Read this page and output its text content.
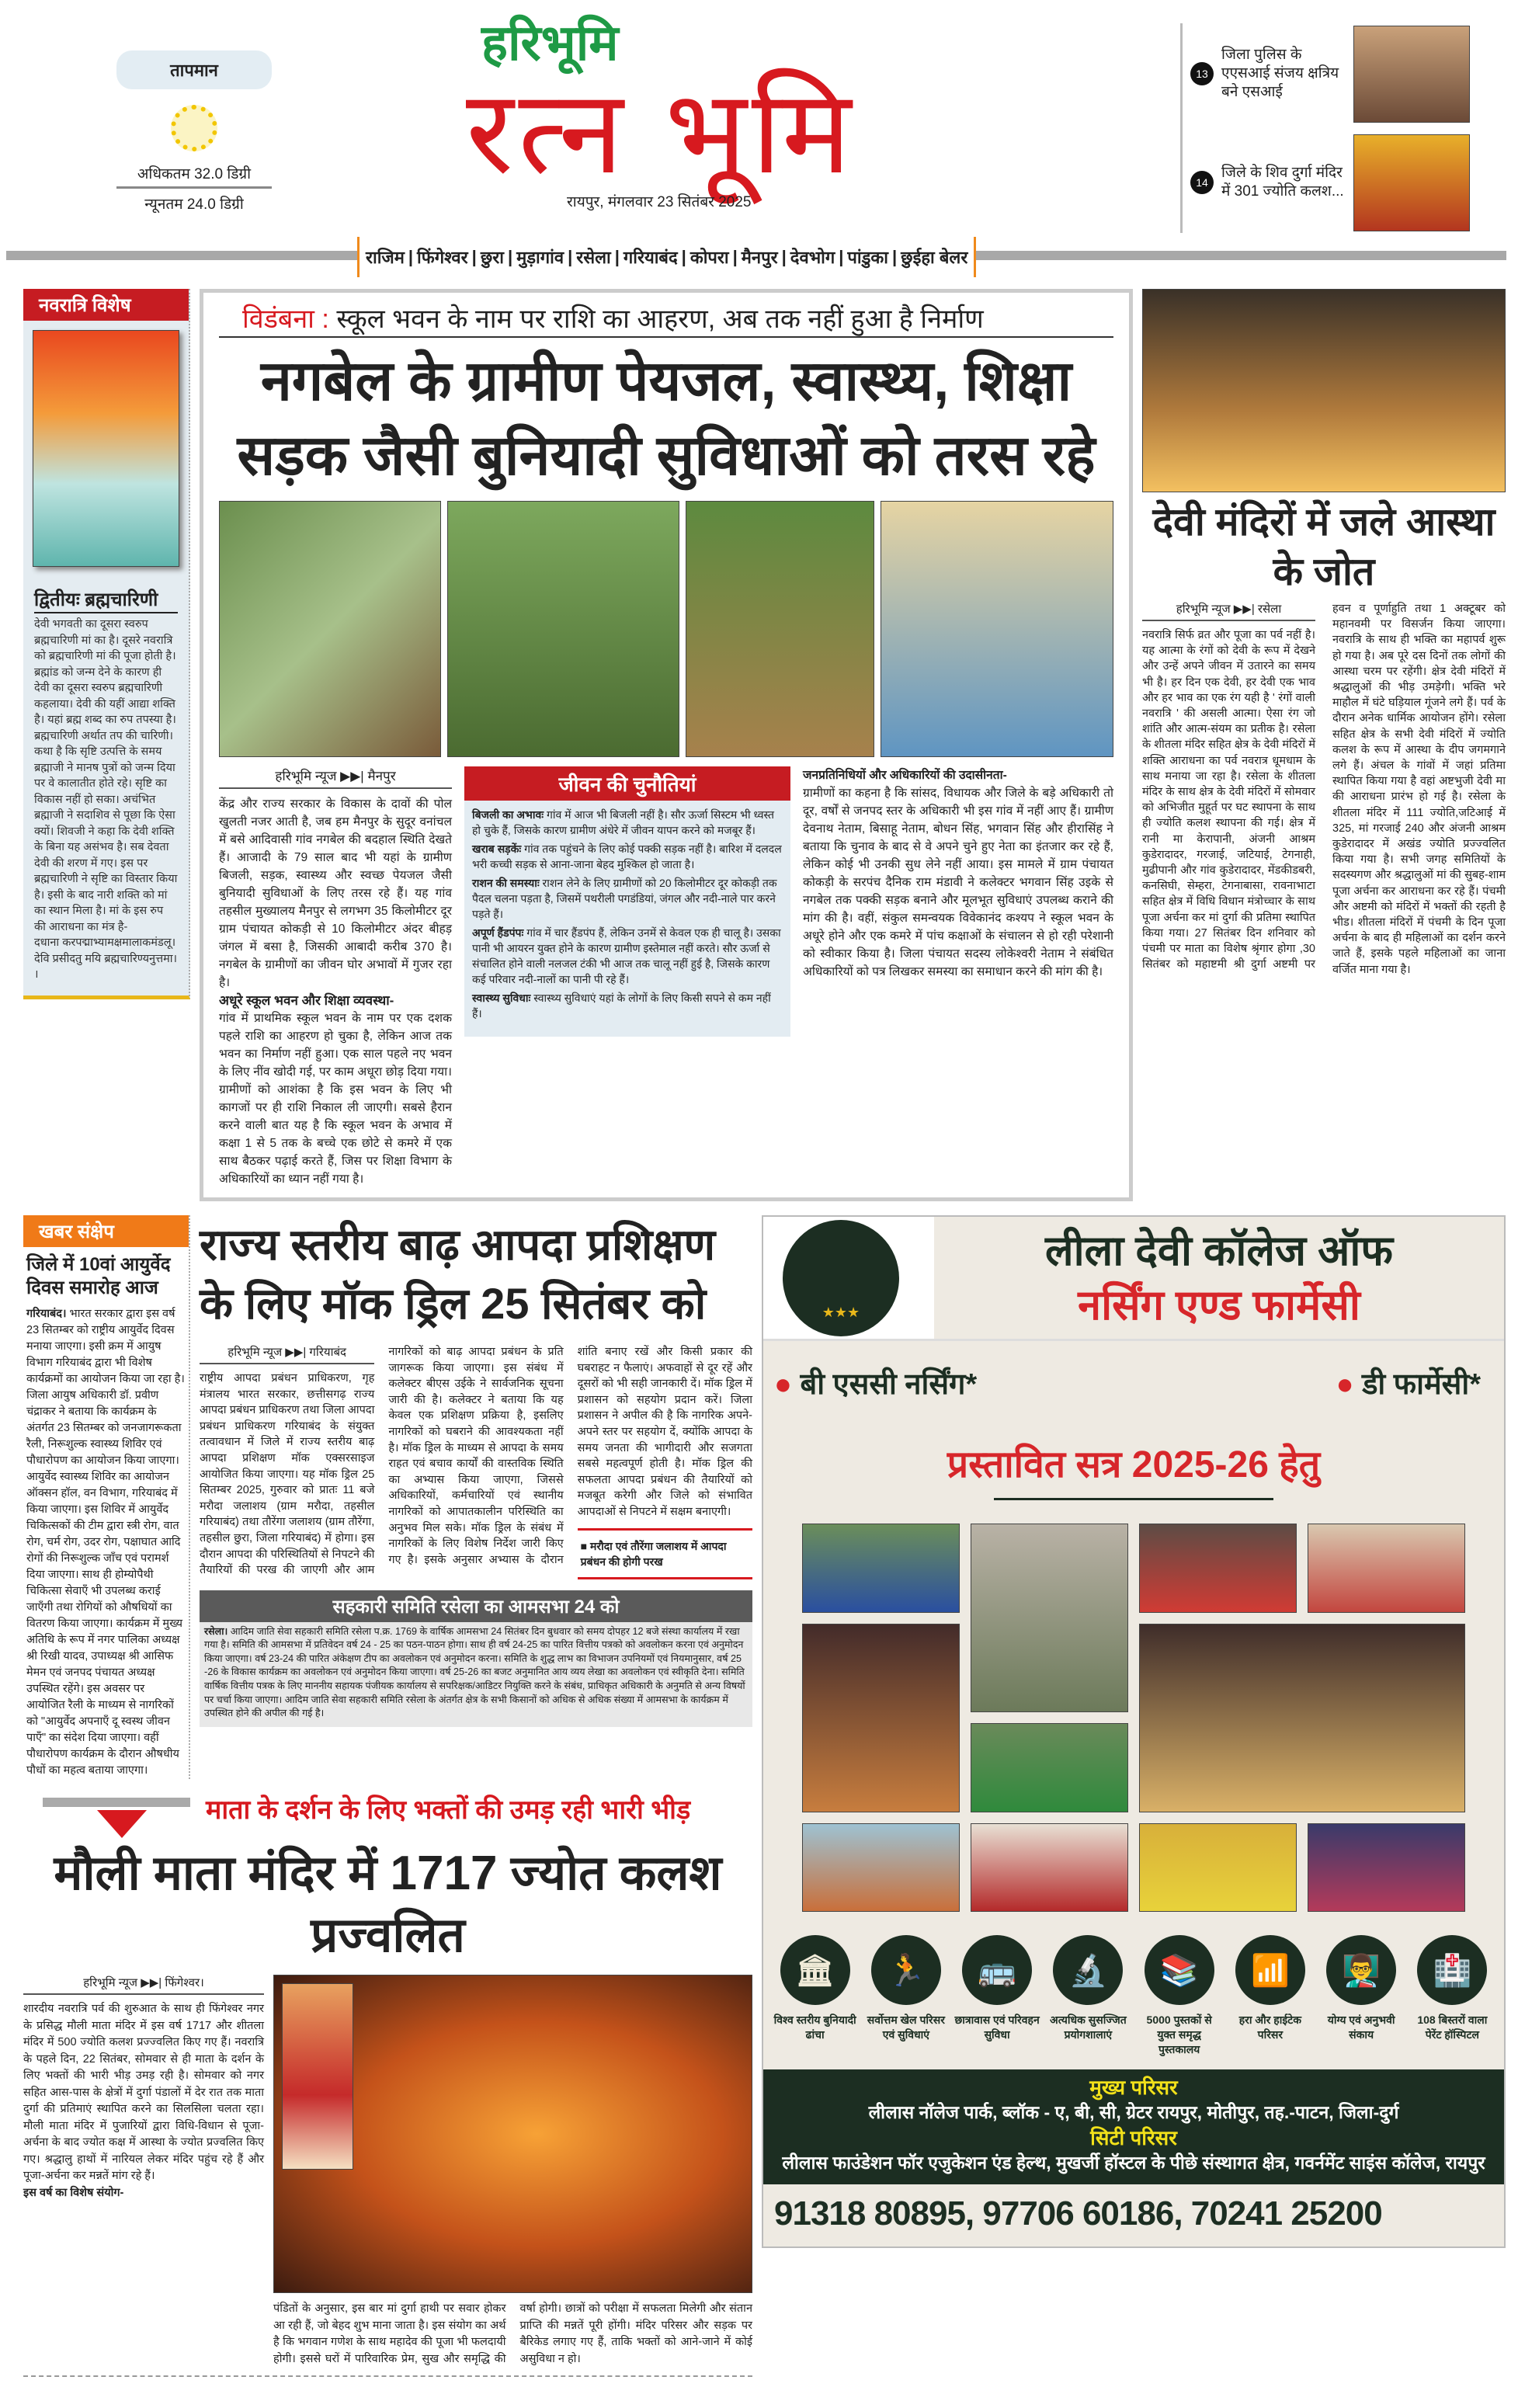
तापमान
अधिकतम 32.0 डिग्री
न्यूनतम 24.0 डिग्री
हरिभूमि
रत्न भूमि
रायपुर, मंगलवार 23 सितंबर 2025
13
जिला पुलिस के एएसआई संजय क्षत्रिय बने एसआई
14
जिले के शिव दुर्गा मंदिर में 301 ज्योति कलश...
राजिम | फिंगेश्वर | छुरा | मुड़ागांव | रसेला | गरियाबंद | कोपरा | मैनपुर | देवभोग | पांडुका | छुईहा बेलर
नवरात्रि विशेष
द्वितीयः ब्रह्मचारिणी
देवी भगवती का दूसरा स्वरुप ब्रह्मचारिणी मां का है। दूसरे नवरात्रि को ब्रह्मचारिणी मां की पूजा होती है। ब्रह्मांड को जन्म देने के कारण ही देवी का दूसरा स्वरुप ब्रह्मचारिणी कहलाया। देवी की यहीं आद्या शक्ति है। यहां ब्रह्म शब्द का रुप तपस्या है। ब्रह्मचारिणी अर्थात तप की चारिणी। कथा है कि सृष्टि उत्पत्ति के समय ब्रह्माजी ने मानष पुत्रों को जन्म दिया पर वे कालातीत होते रहे। सृष्टि का विकास नहीं हो सका। अचंभित ब्रह्माजी ने सदाशिव से पूछा कि ऐसा क्यों। शिवजी ने कहा कि देवी शक्ति के बिना यह असंभव है। सब देवता देवी की शरण में गए। इस पर ब्रह्मचारिणी ने सृष्टि का विस्तार किया है। इसी के बाद नारी शक्ति को मां का स्थान मिला है। मां के इस रुप की आराधना का मंत्र है-
दधाना करपद्माभ्यामक्षमालाकमंडलू। देवि प्रसीदतु मयि ब्रह्मचारिण्यनुत्तमा।।
विडंबना : स्कूल भवन के नाम पर राशि का आहरण, अब तक नहीं हुआ है निर्माण
नगबेल के ग्रामीण पेयजल, स्वास्थ्य, शिक्षा सड़क जैसी बुनियादी सुविधाओं को तरस रहे
हरिभूमि न्यूज ▶▶| मैनपुर
केंद्र और राज्य सरकार के विकास के दावों की पोल खुलती नजर आती है, जब हम मैनपुर के सुदूर वनांचल में बसे आदिवासी गांव नगबेल की बदहाल स्थिति देखते हैं। आजादी के 79 साल बाद भी यहां के ग्रामीण बिजली, सड़क, स्वास्थ्य और स्वच्छ पेयजल जैसी बुनियादी सुविधाओं के लिए तरस रहे हैं। यह गांव तहसील मुख्यालय मैनपुर से लगभग 35 किलोमीटर दूर ग्राम पंचायत कोकड़ी से 10 किलोमीटर अंदर बीहड़ जंगल में बसा है, जिसकी आबादी करीब 370 है। नगबेल के ग्रामीणों का जीवन घोर अभावों में गुजर रहा है।
अधूरे स्कूल भवन और शिक्षा व्यवस्था-
गांव में प्राथमिक स्कूल भवन के नाम पर एक दशक पहले राशि का आहरण हो चुका है, लेकिन आज तक भवन का निर्माण नहीं हुआ। एक साल पहले नए भवन के लिए नींव खोदी गई, पर काम अधूरा छोड़ दिया गया। ग्रामीणों को आशंका है कि इस भवन के लिए भी कागजों पर ही राशि निकाल ली जाएगी। सबसे हैरान करने वाली बात यह है कि स्कूल भवन के अभाव में कक्षा 1 से 5 तक के बच्चे एक छोटे से कमरे में एक साथ बैठकर पढ़ाई करते हैं, जिस पर शिक्षा विभाग के अधिकारियों का ध्यान नहीं गया है।
जीवन की चुनौतियां
बिजली का अभावः गांव में आज भी बिजली नहीं है। सौर ऊर्जा सिस्टम भी ध्वस्त हो चुके हैं, जिसके कारण ग्रामीण अंधेरे में जीवन यापन करने को मजबूर हैं।
खराब सड़केंः गांव तक पहुंचने के लिए कोई पक्की सड़क नहीं है। बारिश में दलदल भरी कच्ची सड़क से आना-जाना बेहद मुश्किल हो जाता है।
राशन की समस्याः राशन लेने के लिए ग्रामीणों को 20 किलोमीटर दूर कोकड़ी तक पैदल चलना पड़ता है, जिसमें पथरीली पगडंडियां, जंगल और नदी-नाले पार करने पड़ते हैं।
अपूर्ण हैंडपंपः गांव में चार हैंडपंप हैं, लेकिन उनमें से केवल एक ही चालू है। उसका पानी भी आयरन युक्त होने के कारण ग्रामीण इस्तेमाल नहीं करते। सौर ऊर्जा से संचालित होने वाली नलजल टंकी भी आज तक चालू नहीं हुई है, जिसके कारण कई परिवार नदी-नालों का पानी पी रहे हैं।
स्वास्थ्य सुविधाः स्वास्थ्य सुविधाएं यहां के लोगों के लिए किसी सपने से कम नहीं हैं।
जनप्रतिनिधियों और अधिकारियों की उदासीनता-
ग्रामीणों का कहना है कि सांसद, विधायक और जिले के बड़े अधिकारी तो दूर, वर्षों से जनपद स्तर के अधिकारी भी इस गांव में नहीं आए हैं। ग्रामीण देवनाथ नेताम, बिसाहू नेताम, बोधन सिंह, भगवान सिंह और हीरासिंह ने बताया कि चुनाव के बाद से वे अपने चुने हुए नेता का इंतजार कर रहे हैं, लेकिन कोई भी उनकी सुध लेने नहीं आया। इस मामले में ग्राम पंचायत कोकड़ी के सरपंच दैनिक राम मंडावी ने कलेक्टर भगवान सिंह उइके से नगबेल तक पक्की सड़क बनाने और मूलभूत सुविधाएं उपलब्ध कराने की मांग की है। वहीं, संकुल समन्वयक विवेकानंद कश्यप ने स्कूल भवन के अधूरे होने और एक कमरे में पांच कक्षाओं के संचालन से हो रही परेशानी को स्वीकार किया है। जिला पंचायत सदस्य लोकेश्वरी नेताम ने संबंधित अधिकारियों को पत्र लिखकर समस्या का समाधान करने की मांग की है।
देवी मंदिरों में जले आस्था के जोत
हरिभूमि न्यूज ▶▶| रसेला
नवरात्रि सिर्फ व्रत और पूजा का पर्व नहीं है। यह आत्मा के रंगों को देवी के रूप में देखने और उन्हें अपने जीवन में उतारने का समय भी है। हर दिन एक देवी, हर देवी एक भाव और हर भाव का एक रंग यही है ' रंगों वाली नवरात्रि ' की असली आत्मा। ऐसा रंग जो शांति और आत्म-संयम का प्रतीक है। रसेला के शीतला मंदिर सहित क्षेत्र के देवी मंदिरों में शक्ति आराधना का पर्व नवरात्र धूमधाम के साथ मनाया जा रहा है। रसेला के शीतला मंदिर के साथ क्षेत्र के देवी मंदिरों में सोमवार को अभिजीत मुहूर्त पर घट स्थापना के साथ ही ज्योति कलश स्थापना की गई। क्षेत्र में रानी मा केरापानी, अंजनी आश्रम कुडेरादादर, गरजाई, जटियाई, टेगनाही, मुढीपानी और गांव कुडेरादादर, मेंडकीडबरी, कनसिघी, सेम्हरा, टेगनाबासा, रावनाभाटा सहित क्षेत्र में विधि विधान मंत्रोच्चार के साथ पूजा अर्चना कर मां दुर्गा की प्रतिमा स्थापित किया गया। 27 सितंबर दिन शनिवार को पंचमी पर माता का विशेष श्रृंगार होगा ,30 सितंबर को महाष्टमी श्री दुर्गा अष्टमी पर हवन व पूर्णाहुति तथा 1 अक्टूबर को महानवमी पर विसर्जन किया जाएगा। नवरात्रि के साथ ही भक्ति का महापर्व शुरू हो गया है। अब पूरे दस दिनों तक लोगों की आस्था चरम पर रहेंगी। क्षेत्र देवी मंदिरों में श्रद्धालुओं की भीड़ उमड़ेगी। भक्ति भरे माहौल में घंटे घड़ियाल गूंजने लगे हैं। पर्व के दौरान अनेक धार्मिक आयोजन होंगे। रसेला सहित क्षेत्र के सभी देवी मंदिरों में ज्योति कलश के रूप में आस्था के दीप जगमगाने लगे हैं। अंचल के गांवों में जहां प्रतिमा स्थापित किया गया है वहां अष्टभुजी देवी मा की आराधना प्रारंभ हो गई है। रसेला के शीतला मंदिर में 111 ज्योति,जटिआई में 325, मां गरजाई 240 और अंजनी आश्रम कुडेरादादर में अखंड ज्योति प्रज्ज्वलित किया गया है। सभी जगह समितियों के सदस्यगण और श्रद्धालुओं मां की सुबह-शाम पूजा अर्चना कर आराधना कर रहे हैं। पंचमी और अष्टमी को मंदिरों में भक्तों की रहती है भीड। शीतला मंदिरों में पंचमी के दिन पूजा अर्चना के बाद ही महिलाओं का दर्शन करने जाते हैं, इसके पहले महिलाओं का जाना वर्जित माना गया है।
खबर संक्षेप
जिले में 10वां आयुर्वेद दिवस समारोह आज
गरियाबंद। भारत सरकार द्वारा इस वर्ष 23 सितम्बर को राष्ट्रीय आयुर्वेद दिवस मनाया जाएगा। इसी क्रम में आयुष विभाग गरियाबंद द्वारा भी विशेष कार्यक्रमों का आयोजन किया जा रहा है। जिला आयुष अधिकारी डॉ. प्रवीण चंद्राकर ने बताया कि कार्यक्रम के अंतर्गत 23 सितम्बर को जनजागरूकता रैली, निरूशुल्क स्वास्थ्य शिविर एवं पौधारोपण का आयोजन किया जाएगा। आयुर्वेद स्वास्थ्य शिविर का आयोजन ऑक्सन हॉल, वन विभाग, गरियाबंद में किया जाएगा। इस शिविर में आयुर्वेद चिकित्सकों की टीम द्वारा स्त्री रोग, वात रोग, चर्म रोग, उदर रोग, पक्षाघात आदि रोगों की निरूशुल्क जाँच एवं परामर्श दिया जाएगा। साथ ही होम्योपैथी चिकित्सा सेवाएँ भी उपलब्ध कराई जाएँगी तथा रोगियों को औषधियों का वितरण किया जाएगा। कार्यक्रम में मुख्य अतिथि के रूप में नगर पालिका अध्यक्ष श्री रिखी यादव, उपाध्यक्ष श्री आसिफ मेमन एवं जनपद पंचायत अध्यक्ष उपस्थित रहेंगे। इस अवसर पर आयोजित रैली के माध्यम से नागरिकों को "आयुर्वेद अपनाएँ दू स्वस्थ जीवन पाएँ" का संदेश दिया जाएगा। वहीं पौधारोपण कार्यक्रम के दौरान औषधीय पौधों का महत्व बताया जाएगा।
राज्य स्तरीय बाढ़ आपदा प्रशिक्षण के लिए मॉक ड्रिल 25 सितंबर को
हरिभूमि न्यूज ▶▶| गरियाबंद
राष्ट्रीय आपदा प्रबंधन प्राधिकरण, गृह मंत्रालय भारत सरकार, छत्तीसगढ़ राज्य आपदा प्रबंधन प्राधिकरण तथा जिला आपदा प्रबंधन प्राधिकरण गरियाबंद के संयुक्त तत्वावधान में जिले में राज्य स्तरीय बाढ़ आपदा प्रशिक्षण मॉक एक्सरसाइज आयोजित किया जाएगा। यह मॉक ड्रिल 25 सितम्बर 2025, गुरुवार को प्रातः 11 बजे मरौदा जलाशय (ग्राम मरौदा, तहसील गरियाबंद) तथा तौरेंगा जलाशय (ग्राम तौरेंगा, तहसील छुरा, जिला गरियाबंद) में होगा। इस दौरान आपदा की परिस्थितियों से निपटने की तैयारियों की परख की जाएगी और आम नागरिकों को बाढ़ आपदा प्रबंधन के प्रति जागरूक किया जाएगा। इस संबंध में कलेक्टर बीएस उईके ने सार्वजनिक सूचना जारी की है। कलेक्टर ने बताया कि यह केवल एक प्रशिक्षण प्रक्रिया है, इसलिए नागरिकों को घबराने की आवश्यकता नहीं है। मॉक ड्रिल के माध्यम से आपदा के समय राहत एवं बचाव कार्यों की वास्तविक स्थिति का अभ्यास किया जाएगा, जिससे अधिकारियों, कर्मचारियों एवं स्थानीय नागरिकों को आपातकालीन परिस्थिति का अनुभव मिल सके। मॉक ड्रिल के संबंध में नागरिकों के लिए विशेष निर्देश जारी किए गए है। इसके अनुसार अभ्यास के दौरान शांति बनाए रखें और किसी प्रकार की घबराहट न फैलाएं। अफवाहों से दूर रहें और दूसरों को भी सही जानकारी दें। मॉक ड्रिल में प्रशासन को सहयोग प्रदान करें। जिला प्रशासन ने अपील की है कि नागरिक अपने-अपने स्तर पर सहयोग दें, क्योंकि आपदा के समय जनता की भागीदारी और सजगता सबसे महत्वपूर्ण होती है। मॉक ड्रिल की सफलता आपदा प्रबंधन की तैयारियों को मजबूत करेगी और जिले को संभावित आपदाओं से निपटने में सक्षम बनाएगी।
■ मरौदा एवं तौरेंगा जलाशय में आपदा प्रबंधन की होगी परख
सहकारी समिति रसेला का आमसभा 24 को
रसेला। आदिम जाति सेवा सहकारी समिति रसेला प.क्र. 1769 के वार्षिक आमसभा 24 सितंबर दिन बुधवार को समय दोपहर 12 बजे संस्था कार्यालय में रखा गया है। समिति की आमसभा में प्रतिवेदन वर्ष 24 - 25 का पठन-पाठन होगा। साथ ही वर्ष 24-25 का पारित वित्तीय पत्रको को अवलोकन करना एवं अनुमोदन किया जाएगा। वर्ष 23-24 की पारित अंकेक्षण टीप का अवलोकन एवं अनुमोदन करना। समिति के शुद्ध लाभ का विभाजन उपनियमों एवं नियमानुसार, वर्ष 25 -26 के विकास कार्यक्रम का अवलोकन एवं अनुमोदन किया जाएगा। वर्ष 25-26 का बजट अनुमानित आय व्यय लेखा का अवलोकन एवं स्वीकृति देना। समिति वार्षिक वित्तीय पत्रक के लिए माननीय सहायक पंजीयक कार्यालय से सपरिक्षक/आडिटर नियुक्ति करने के संबंध, प्राधिकृत अधिकारी के अनुमति से अन्य विषयों पर चर्चा किया जाएगा। आदिम जाति सेवा सहकारी समिति रसेला के अंतर्गत क्षेत्र के सभी किसानों को अधिक से अधिक संख्या में आमसभा के कार्यक्रम में उपस्थित होने की अपील की गई है।
माता के दर्शन के लिए भक्तों की उमड़ रही भारी भीड़
मौली माता मंदिर में 1717 ज्योत कलश प्रज्वलित
हरिभूमि न्यूज ▶▶| फिंगेश्वर।
शारदीय नवरात्रि पर्व की शुरुआत के साथ ही फिंगेश्वर नगर के प्रसिद्ध मौली माता मंदिर में इस वर्ष 1717 और शीतला मंदिर में 500 ज्योति कलश प्रज्ज्वलित किए गए हैं। नवरात्रि के पहले दिन, 22 सितंबर, सोमवार से ही माता के दर्शन के लिए भक्तों की भारी भीड़ उमड़ रही है। सोमवार को नगर सहित आस-पास के क्षेत्रों में दुर्गा पंडालों में देर रात तक माता दुर्गा की प्रतिमाएं स्थापित करने का सिलसिला चलता रहा। मौली माता मंदिर में पुजारियों द्वारा विधि-विधान से पूजा-अर्चना के बाद ज्योत कक्ष में आस्था के ज्योत प्रज्वलित किए गए। श्रद्धालु हाथों में नारियल लेकर मंदिर पहुंच रहे हैं और पूजा-अर्चना कर मन्नतें मांग रहे हैं।
इस वर्ष का विशेष संयोग-
पंडितों के अनुसार, इस बार मां दुर्गा हाथी पर सवार होकर आ रही हैं, जो बेहद शुभ माना जाता है। इस संयोग का अर्थ है कि भगवान गणेश के साथ महादेव की पूजा भी फलदायी होगी। इससे घरों में पारिवारिक प्रेम, सुख और समृद्धि की वर्षा होगी। छात्रों को परीक्षा में सफलता मिलेगी और संतान प्राप्ति की मन्नतें पूरी होंगी। मंदिर परिसर और सड़क पर बैरिकेड लगाए गए हैं, ताकि भक्तों को आने-जाने में कोई असुविधा न हो।
★★★
लीला देवी कॉलेज ऑफ
नर्सिंग एण्ड फार्मेसी
● बी एससी नर्सिंग*	● डी फार्मेसी*
प्रस्तावित सत्र 2025-26 हेतु
🏛
विश्व स्तरीय बुनियादी ढांचा
🏃
सर्वोत्तम खेल परिसर एवं सुविधाएं
🚌
छात्रावास एवं परिवहन सुविधा
🔬
अत्यधिक सुसज्जित प्रयोगशालाएं
📚
5000 पुस्तकों से युक्त समृद्ध पुस्तकालय
📶
हरा और हाईटेक परिसर
👨‍🏫
योग्य एवं अनुभवी संकाय
🏥
108 बिस्तरों वाला पेरेंट हॉस्पिटल
मुख्य परिसर
लीलास नॉलेज पार्क, ब्लॉक - ए, बी, सी, ग्रेटर रायपुर, मोतीपुर, तह.-पाटन, जिला-दुर्ग
सिटी परिसर
लीलास फाउंडेशन फॉर एजुकेशन एंड हेल्थ, मुखर्जी हॉस्टल के पीछे संस्थागत क्षेत्र, गवर्नमेंट साइंस कॉलेज, रायपुर
91318 80895, 97706 60186, 70241 25200
